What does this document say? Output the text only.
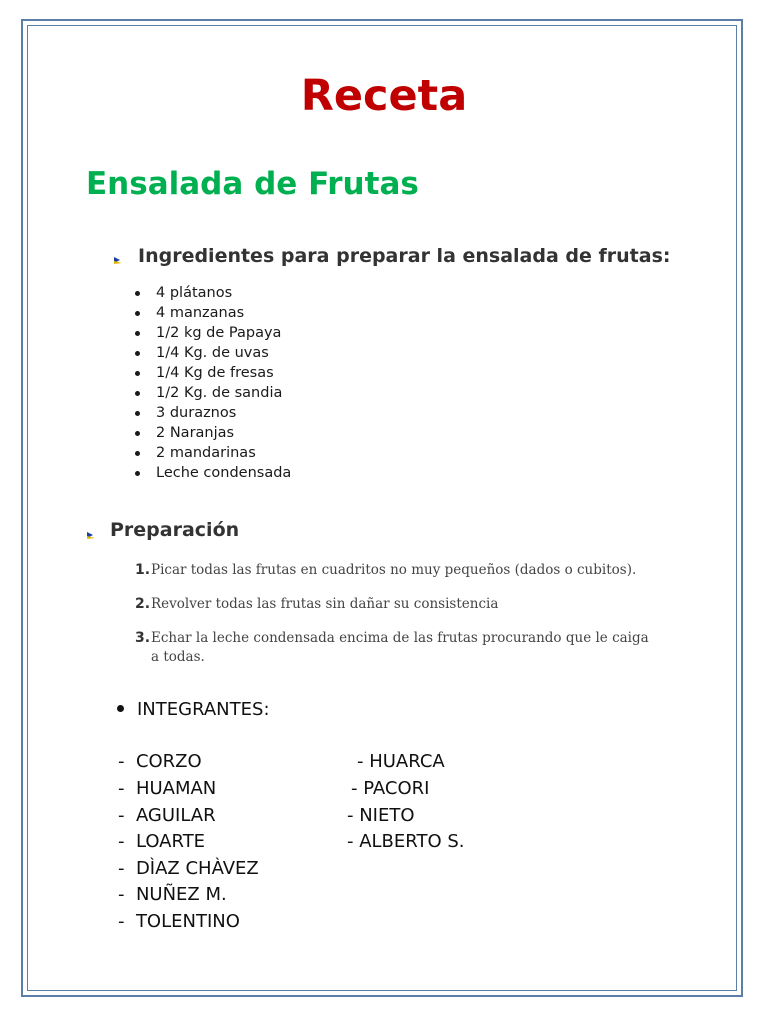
Receta
Ensalada de Frutas
Ingredientes para preparar la ensalada de frutas:
4 plátanos
4 manzanas
1/2 kg de Papaya
1/4 Kg. de uvas
1/4 Kg de fresas
1/2 Kg. de sandia
3 duraznos
2 Naranjas
2 mandarinas
Leche condensada
Preparación
1. Picar todas las frutas en cuadritos no muy pequeños (dados o cubitos).
2. Revolver todas las frutas sin dañar su consistencia
3. Echar la leche condensada encima de las frutas procurando que le caiga a todas.

INTEGRANTES:

-  CORZO

-  HUAMAN

-  AGUILAR

-  LOARTE

-  DÌAZ CHÀVEZ

-  NUÑEZ M.

-  TOLENTINO

- HUARCA

- PACORI

- NIETO

- ALBERTO S.
